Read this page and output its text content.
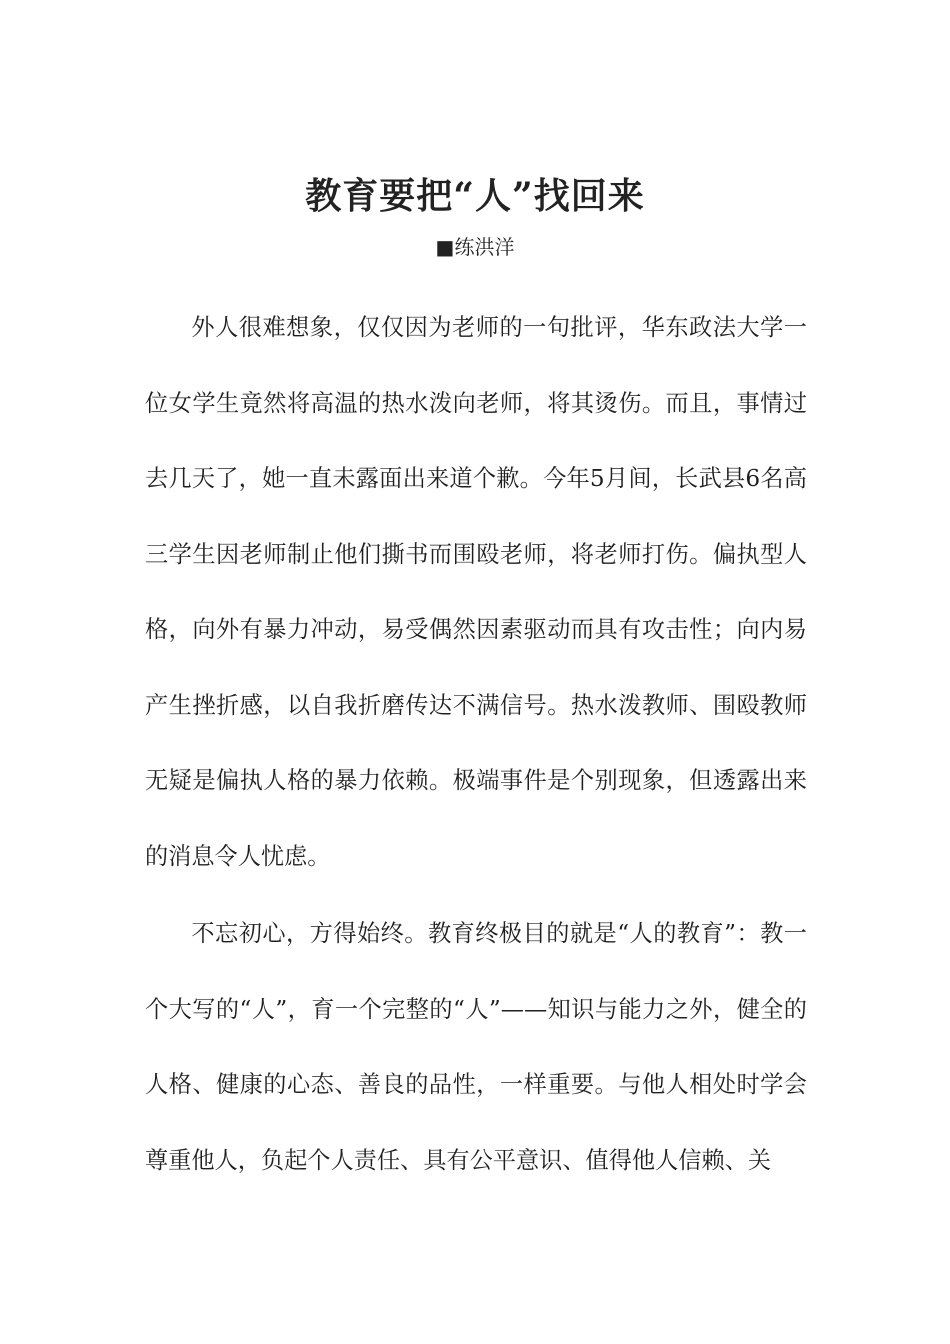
教育要把“人”找回来
■练洪洋

外人很难想象，仅仅因为老师的一句批评，华东政法大学一位女学生竟然将高温的热水泼向老师，将其烫伤。而且，事情过去几天了，她一直未露面出来道个歉。今年5月间，长武县6名高三学生因老师制止他们撕书而围殴老师，将老师打伤。偏执型人格，向外有暴力冲动，易受偶然因素驱动而具有攻击性；向内易产生挫折感，以自我折磨传达不满信号。热水泼教师、围殴教师无疑是偏执人格的暴力依赖。极端事件是个别现象，但透露出来的消息令人忧虑。

不忘初心，方得始终。教育终极目的就是“人的教育”：教一个大写的“人”，育一个完整的“人”——知识与能力之外，健全的人格、健康的心态、善良的品性，一样重要。与他人相处时学会尊重他人，负起个人责任、具有公平意识、值得他人信赖、关
